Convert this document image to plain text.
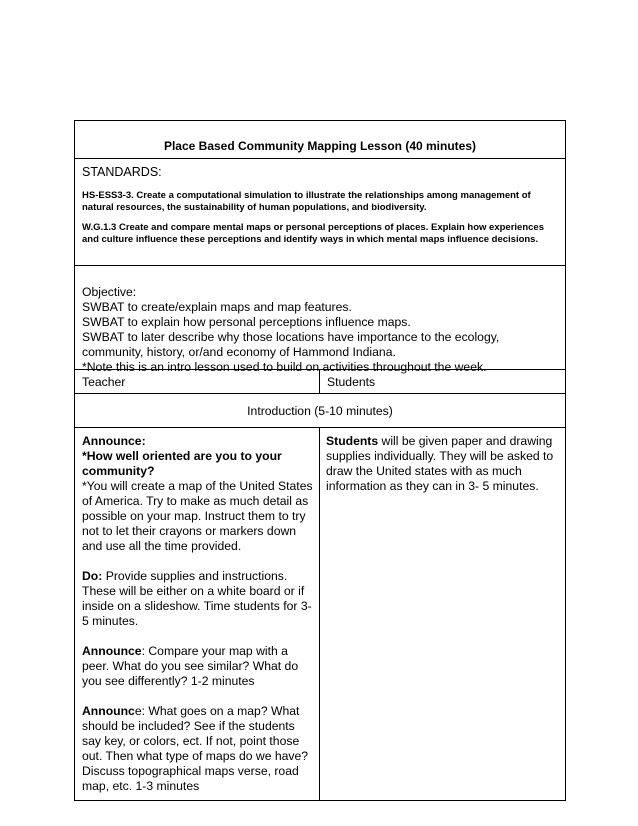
Place Based Community Mapping Lesson (40 minutes)
STANDARDS:
HS-ESS3-3. Create a computational simulation to illustrate the relationships among management of natural resources, the sustainability of human populations, and biodiversity.
W.G.1.3 Create and compare mental maps or personal perceptions of places. Explain how experiences and culture influence these perceptions and identify ways in which mental maps influence decisions.
Objective:
SWBAT to create/explain maps and map features.
SWBAT to explain how personal perceptions influence maps.
SWBAT to later describe why those locations have importance to the ecology, community, history, or/and economy of Hammond Indiana.
*Note this is an intro lesson used to build on activities throughout the week.
Teacher	Students
Introduction (5-10 minutes)
Announce:
*How well oriented are you to your community?
*You will create a map of the United States of America. Try to make as much detail as possible on your map. Instruct them to try not to let their crayons or markers down and use all the time provided.
Do: Provide supplies and instructions. These will be either on a white board or if inside on a slideshow. Time students for 3- 5 minutes.
Announce: Compare your map with a peer. What do you see similar? What do you see differently? 1-2 minutes
Announce: What goes on a map? What should be included? See if the students say key, or colors, ect. If not, point those out. Then what type of maps do we have? Discuss topographical maps verse, road map, etc. 1-3 minutes
Students will be given paper and drawing supplies individually. They will be asked to draw the United states with as much information as they can in 3- 5 minutes.
